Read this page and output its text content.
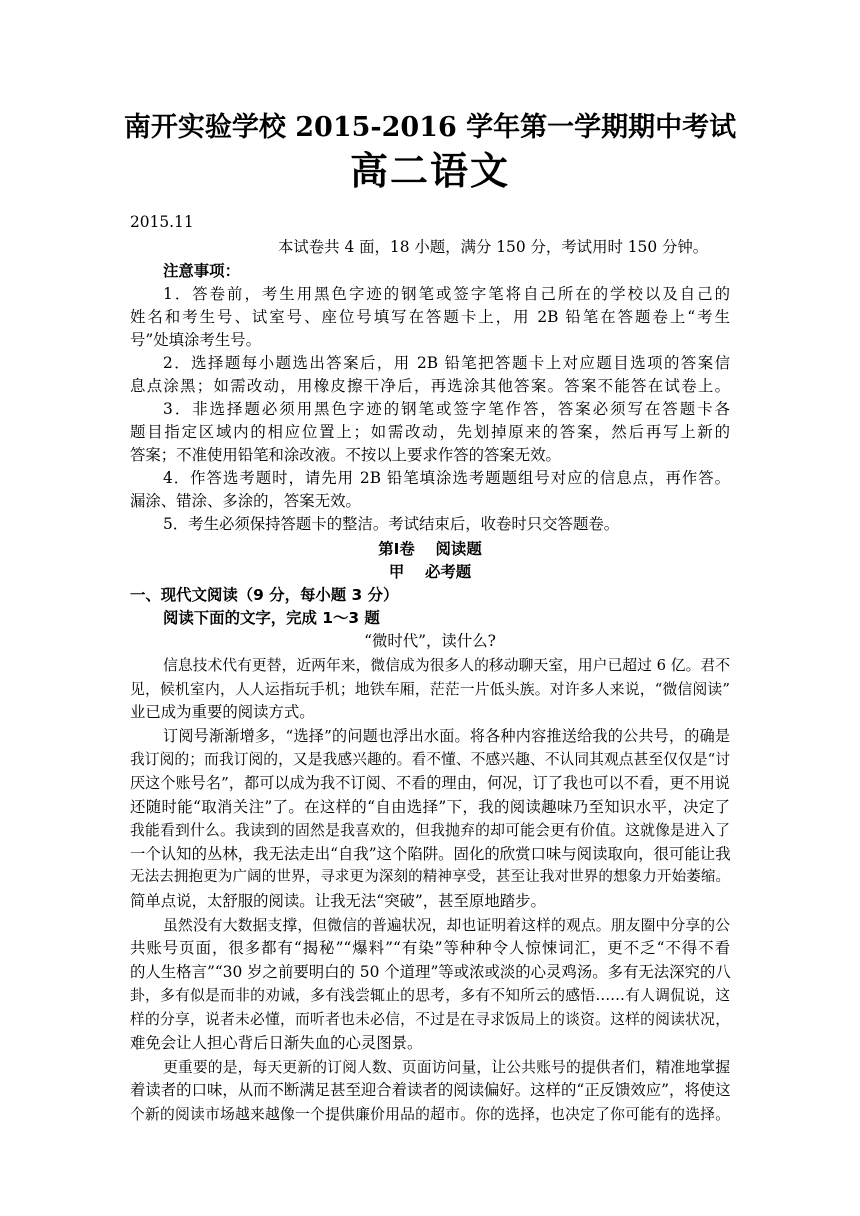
南开实验学校 2015-2016 学年第一学期期中考试
高二语文
2015.11
本试卷共 4 面，18 小题，满分 150 分，考试用时 150 分钟。
注意事项：
1．答卷前，考生用黑色字迹的钢笔或签字笔将自己所在的学校以及自己的
姓名和考生号、试室号、座位号填写在答题卡上，用 2B 铅笔在答题卷上“考生
号”处填涂考生号。
2．选择题每小题选出答案后，用 2B 铅笔把答题卡上对应题目选项的答案信
息点涂黑；如需改动，用橡皮擦干净后，再选涂其他答案。答案不能答在试卷上。
3．非选择题必须用黑色字迹的钢笔或签字笔作答，答案必须写在答题卡各
题目指定区域内的相应位置上；如需改动，先划掉原来的答案，然后再写上新的
答案；不准使用铅笔和涂改液。不按以上要求作答的答案无效。
4．作答选考题时，请先用 2B 铅笔填涂选考题题组号对应的信息点，再作答。
漏涂、错涂、多涂的，答案无效。
5．考生必须保持答题卡的整洁。考试结束后，收卷时只交答题卷。
第Ⅰ卷　 阅读题
甲　 必考题
一、现代文阅读（9 分，每小题 3 分）
阅读下面的文字，完成 1～3 题
“微时代”，读什么?
信息技术代有更替，近两年来，微信成为很多人的移动聊天室，用户已超过 6 亿。君不
见，候机室内，人人运指玩手机；地铁车厢，茫茫一片低头族。对许多人来说，“微信阅读”
业已成为重要的阅读方式。
订阅号渐渐增多，“选择”的问题也浮出水面。将各种内容推送给我的公共号，的确是
我订阅的；而我订阅的，又是我感兴趣的。看不懂、不感兴趣、不认同其观点甚至仅仅是“讨
厌这个账号名”，都可以成为我不订阅、不看的理由，何况，订了我也可以不看，更不用说
还随时能“取消关注”了。在这样的“自由选择”下，我的阅读趣味乃至知识水平，决定了
我能看到什么。我读到的固然是我喜欢的，但我抛弃的却可能会更有价值。这就像是进入了
一个认知的丛林，我无法走出“自我”这个陷阱。固化的欣赏口味与阅读取向，很可能让我
无法去拥抱更为广阔的世界，寻求更为深刻的精神享受，甚至让我对世界的想象力开始萎缩。
简单点说，太舒服的阅读。让我无法“突破”，甚至原地踏步。
虽然没有大数据支撑，但微信的普遍状况，却也证明着这样的观点。朋友圈中分享的公
共账号页面，很多都有“揭秘”“爆料”“有染”等种种令人惊悚词汇，更不乏“不得不看
的人生格言”“30 岁之前要明白的 50 个道理”等或浓或淡的心灵鸡汤。多有无法深究的八
卦，多有似是而非的劝诫，多有浅尝辄止的思考，多有不知所云的感悟……有人调侃说，这
样的分享，说者未必懂，而听者也未必信，不过是在寻求饭局上的谈资。这样的阅读状况，
难免会让人担心背后日渐失血的心灵图景。
更重要的是，每天更新的订阅人数、页面访问量，让公共账号的提供者们，精准地掌握
着读者的口味，从而不断满足甚至迎合着读者的阅读偏好。这样的“正反馈效应”，将使这
个新的阅读市场越来越像一个提供廉价用品的超市。你的选择，也决定了你可能有的选择。
